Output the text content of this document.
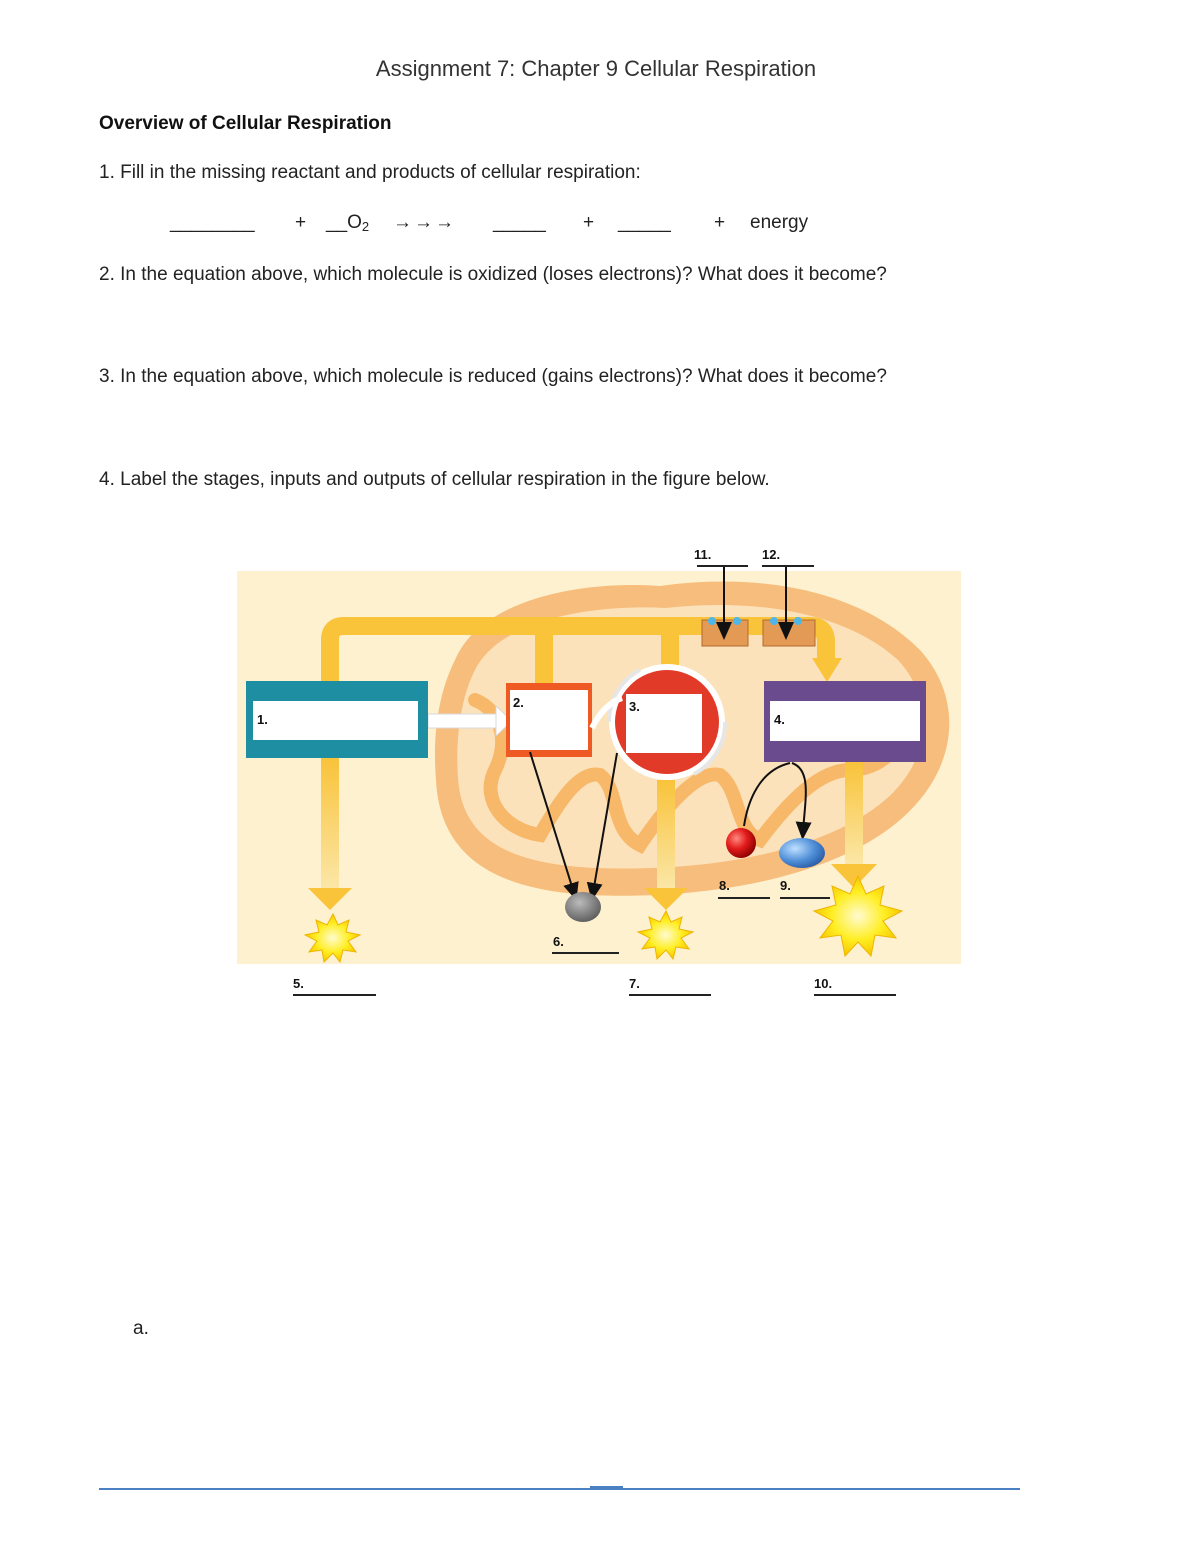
Assignment 7: Chapter 9 Cellular Respiration
Overview of Cellular Respiration
1. Fill in the missing reactant and products of cellular respiration:
________ + $\_\_O_2$ →→→ _____ + _____ + energy
2. In the equation above, which molecule is oxidized (loses electrons)? What does it become?
3. In the equation above, which molecule is reduced (gains electrons)? What does it become?
4. Label the stages, inputs and outputs of cellular respiration in the figure below.
1.
2.	3.
4.
5.
6.
7.
8.	9.
10.
11.	12.
a.
